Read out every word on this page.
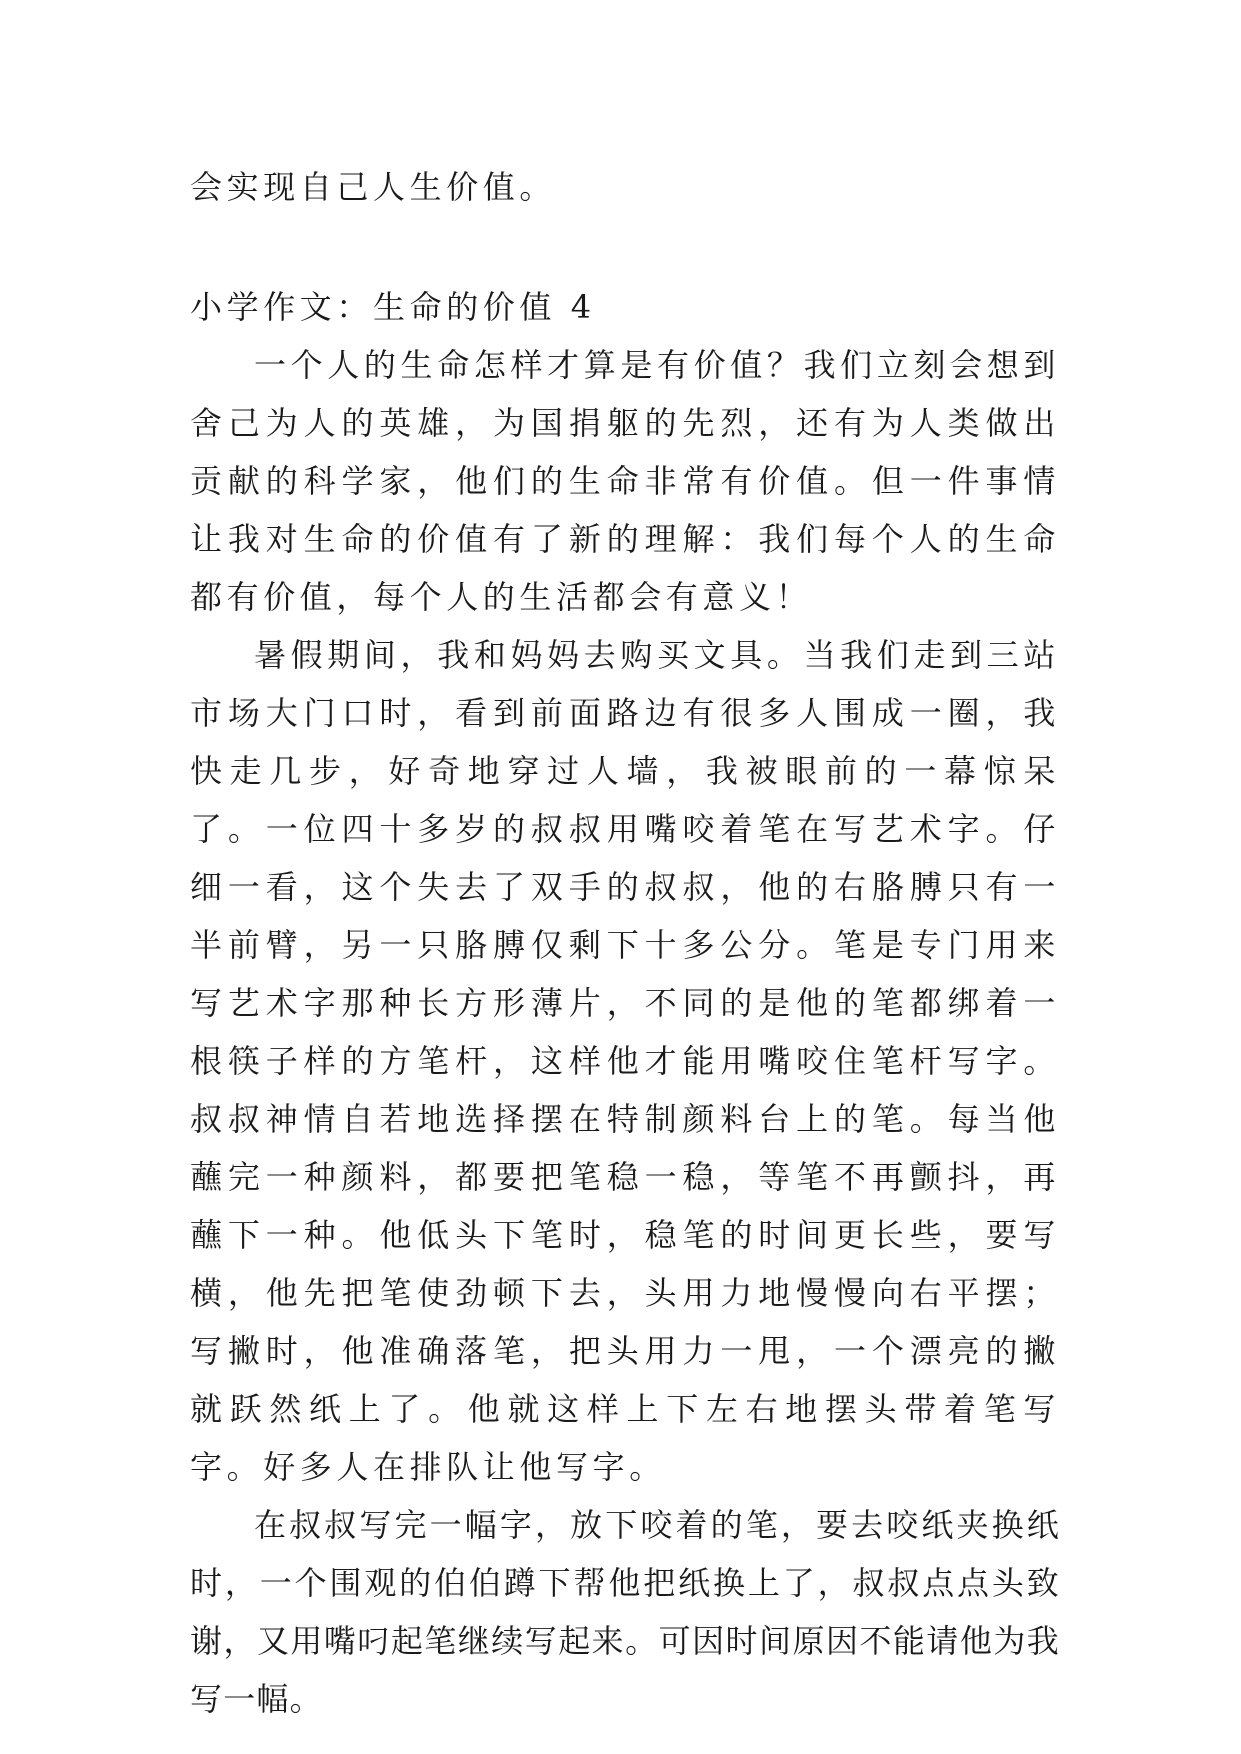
会实现自己人生价值。
小学作文：生命的价值 4

一个人的生命怎样才算是有价值？我们立刻会想到舍己为人的英雄，为国捐躯的先烈，还有为人类做出贡献的科学家，他们的生命非常有价值。但一件事情让我对生命的价值有了新的理解：我们每个人的生命都有价值，每个人的生活都会有意义！

暑假期间，我和妈妈去购买文具。当我们走到三站市场大门口时，看到前面路边有很多人围成一圈，我快走几步，好奇地穿过人墙，我被眼前的一幕惊呆了。一位四十多岁的叔叔用嘴咬着笔在写艺术字。仔细一看，这个失去了双手的叔叔，他的右胳膊只有一半前臂，另一只胳膊仅剩下十多公分。笔是专门用来写艺术字那种长方形薄片，不同的是他的笔都绑着一根筷子样的方笔杆，这样他才能用嘴咬住笔杆写字。叔叔神情自若地选择摆在特制颜料台上的笔。每当他蘸完一种颜料，都要把笔稳一稳，等笔不再颤抖，再蘸下一种。他低头下笔时，稳笔的时间更长些，要写横，他先把笔使劲顿下去，头用力地慢慢向右平摆；写撇时，他准确落笔，把头用力一甩，一个漂亮的撇就跃然纸上了。他就这样上下左右地摆头带着笔写字。好多人在排队让他写字。

在叔叔写完一幅字，放下咬着的笔，要去咬纸夹换纸时，一个围观的伯伯蹲下帮他把纸换上了，叔叔点点头致谢，又用嘴叼起笔继续写起来。可因时间原因不能请他为我写一幅。
